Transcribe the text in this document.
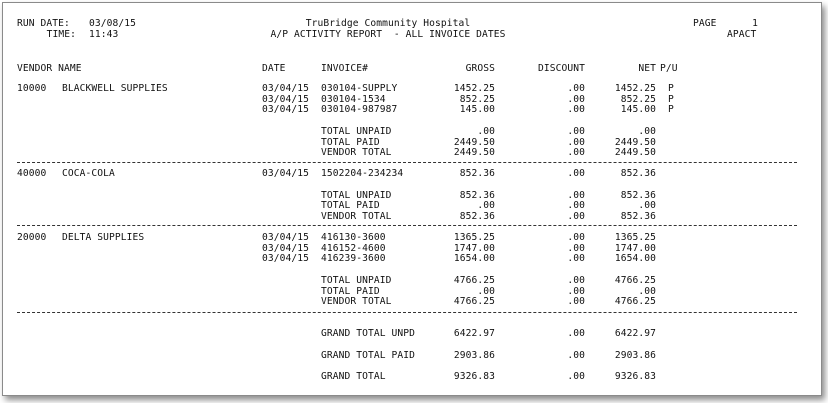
RUN DATE: 03/08/15
TIME: 11:43
TruBridge Community Hospital
A/P ACTIVITY REPORT  - ALL INVOICE DATES
PAGE	1
APACT
VENDOR NAME	DATE	INVOICE#	GROSS	DISCOUNT	NET P/U
10000 BLACKWELL SUPPLIES	03/04/15 030104-SUPPLY	1452.25	.00	1452.25 P
03/04/15 030104-1534	852.25	.00	852.25 P
03/04/15 030104-987987	145.00	.00	145.00 P
TOTAL UNPAID	.00	.00	.00
TOTAL PAID	2449.50	.00	2449.50
VENDOR TOTAL	2449.50	.00	2449.50
40000 COCA-COLA	03/04/15 1502204-234234	852.36	.00	852.36
TOTAL UNPAID	852.36	.00	852.36
TOTAL PAID	.00	.00	.00
VENDOR TOTAL	852.36	.00	852.36
20000 DELTA SUPPLIES	03/04/15 416130-3600	1365.25	.00	1365.25
03/04/15 416152-4600	1747.00	.00	1747.00
03/04/15 416239-3600	1654.00	.00	1654.00
TOTAL UNPAID	4766.25	.00	4766.25
TOTAL PAID	.00	.00	.00
VENDOR TOTAL	4766.25	.00	4766.25
GRAND TOTAL UNPD	6422.97	.00	6422.97
GRAND TOTAL PAID	2903.86	.00	2903.86
GRAND TOTAL	9326.83	.00	9326.83
